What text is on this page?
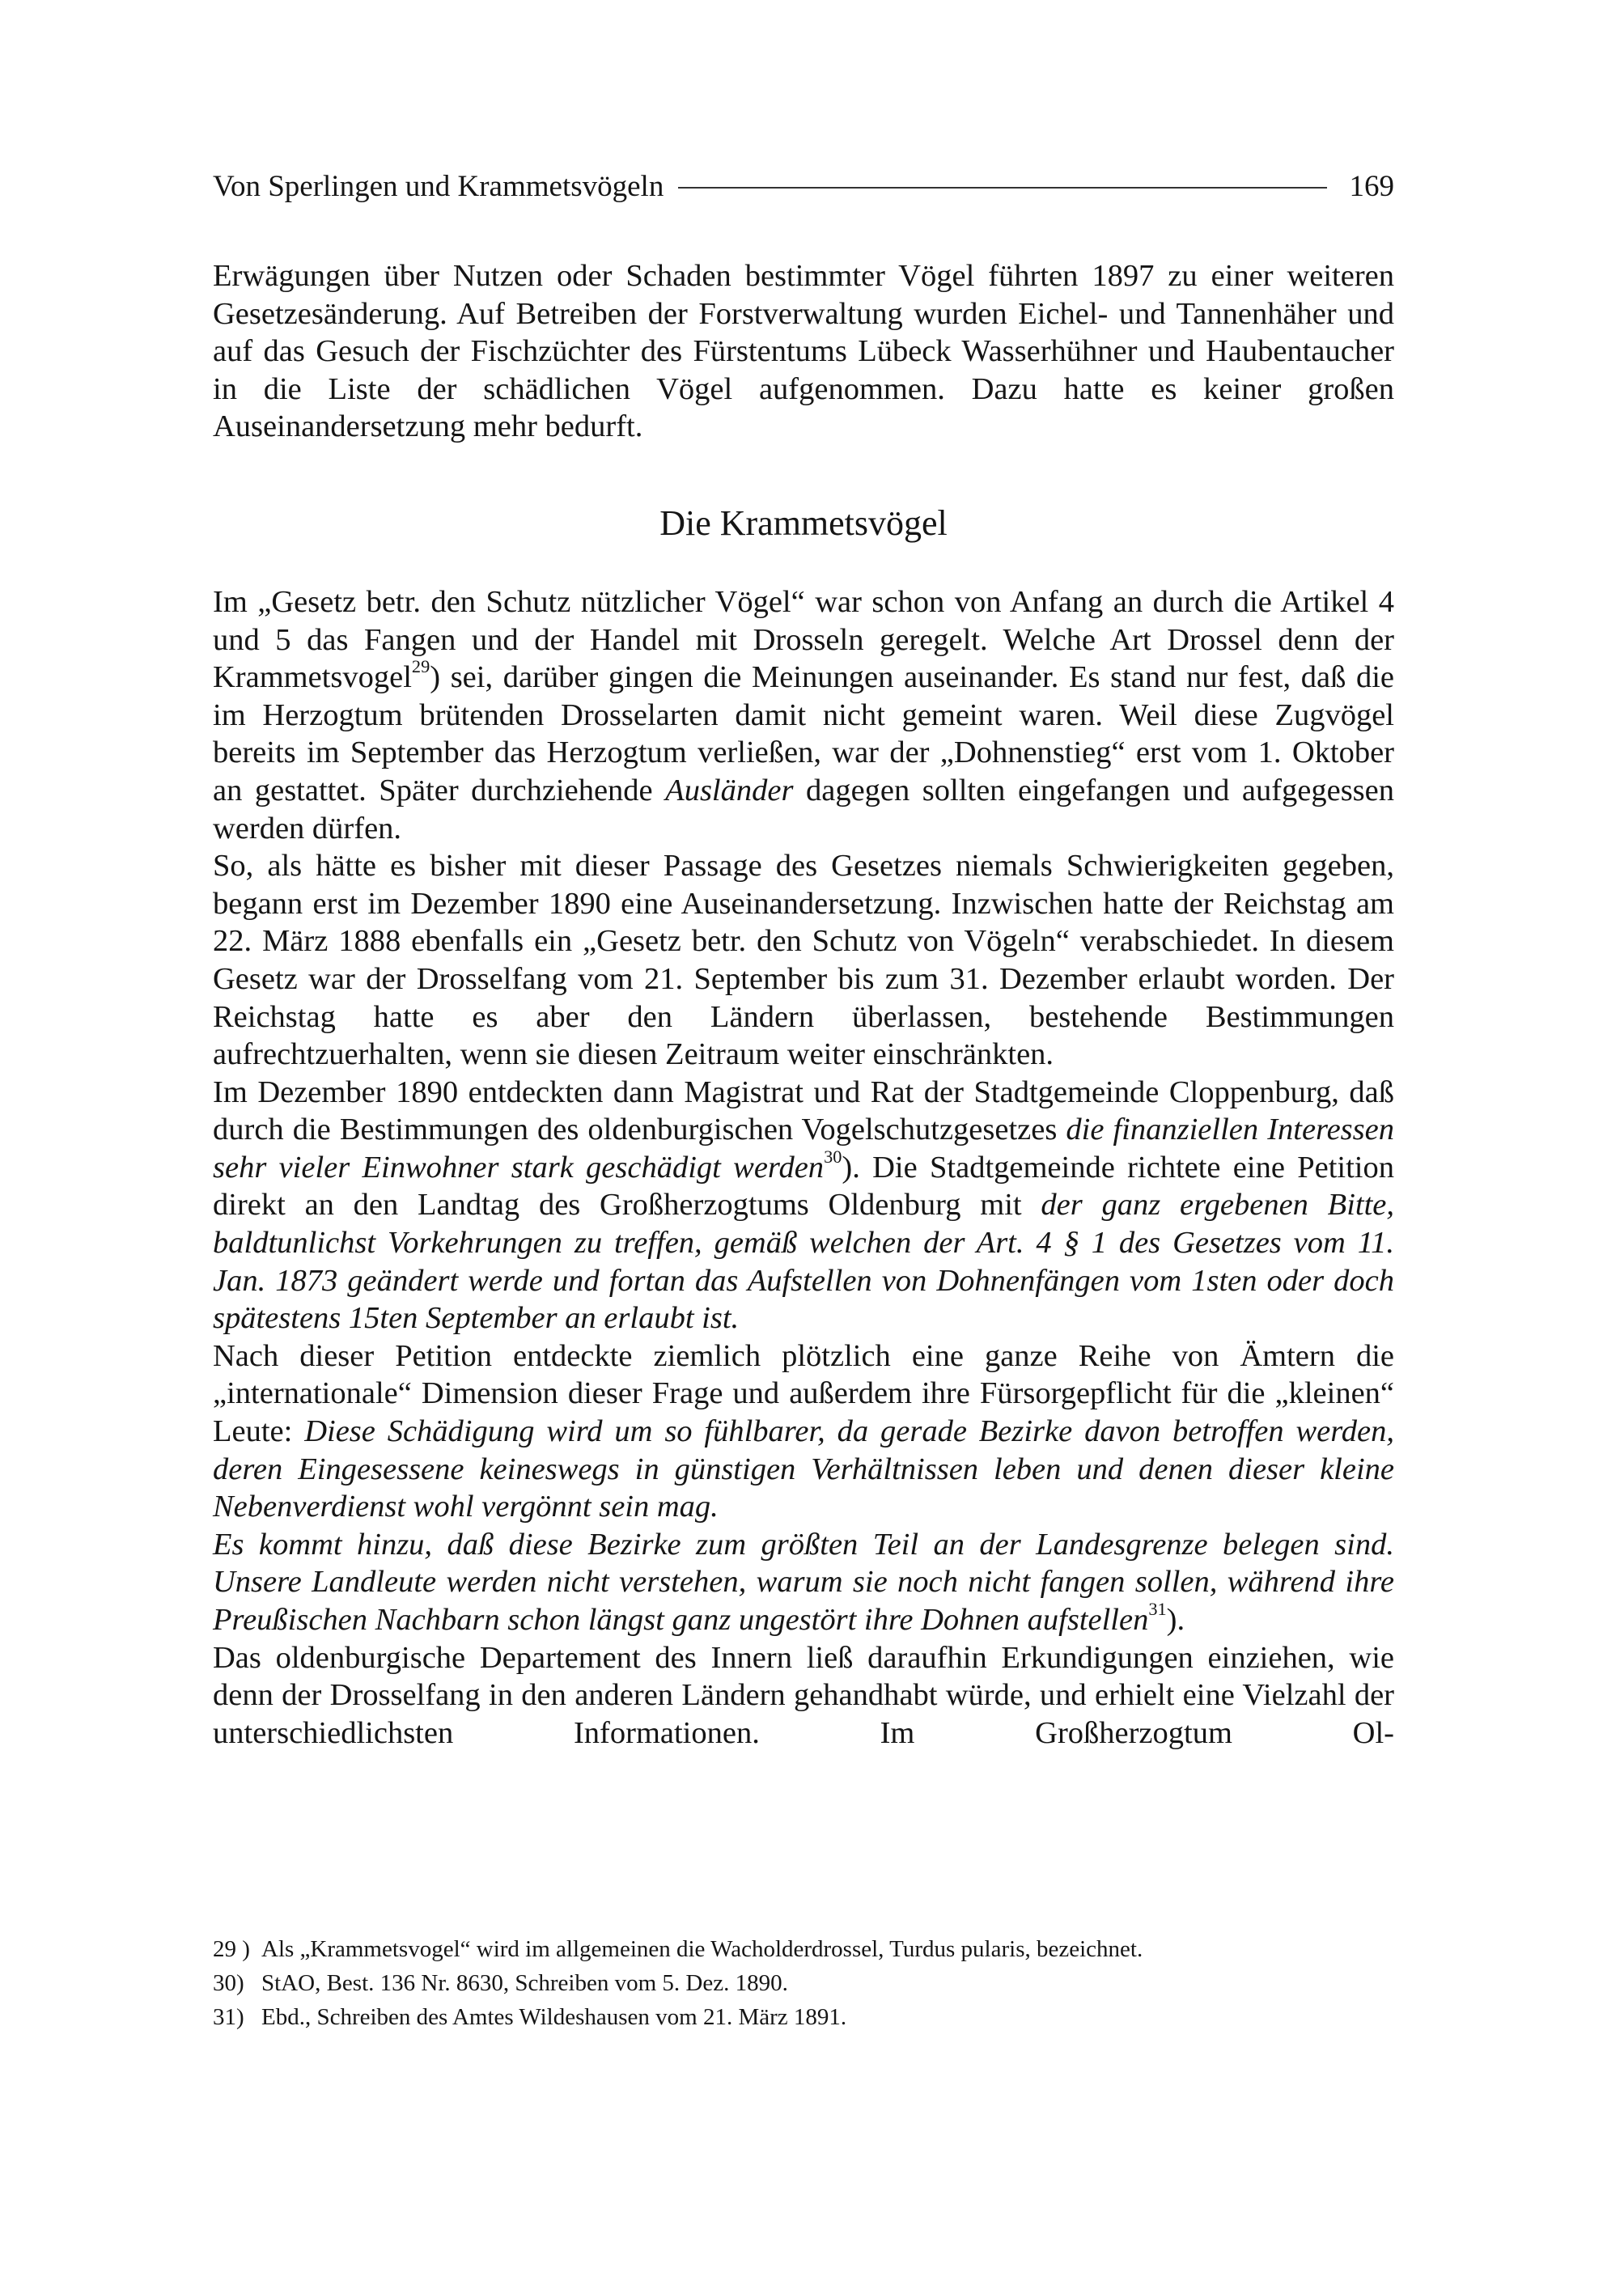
Von Sperlingen und Krammetsvögeln	169

Erwägungen über Nutzen oder Schaden bestimmter Vögel führten 1897 zu einer weiteren Gesetzesänderung. Auf Betreiben der Forstverwaltung wurden Eichel- und Tannenhäher und auf das Gesuch der Fischzüchter des Fürstentums Lübeck Wasserhühner und Haubentaucher in die Liste der schädlichen Vögel aufgenommen. Dazu hatte es keiner großen Auseinandersetzung mehr bedurft.

Die Krammetsvögel

Im „Gesetz betr. den Schutz nützlicher Vögel“ war schon von Anfang an durch die Artikel 4 und 5 das Fangen und der Handel mit Drosseln geregelt. Welche Art Drossel denn der Krammetsvogel$^{29}$) sei, darüber gingen die Meinungen auseinander. Es stand nur fest, daß die im Herzogtum brütenden Drosselarten damit nicht gemeint waren. Weil diese Zugvögel bereits im September das Herzogtum verließen, war der „Dohnenstieg“ erst vom 1. Oktober an gestattet. Später durchziehende Ausländer dagegen sollten eingefangen und aufgegessen werden dürfen.

So, als hätte es bisher mit dieser Passage des Gesetzes niemals Schwierigkeiten gegeben, begann erst im Dezember 1890 eine Auseinandersetzung. Inzwischen hatte der Reichstag am 22. März 1888 ebenfalls ein „Gesetz betr. den Schutz von Vögeln“ verabschiedet. In diesem Gesetz war der Drosselfang vom 21. September bis zum 31. Dezember erlaubt worden. Der Reichstag hatte es aber den Ländern überlassen, bestehende Bestimmungen aufrechtzuerhalten, wenn sie diesen Zeitraum weiter einschränkten.

Im Dezember 1890 entdeckten dann Magistrat und Rat der Stadtgemeinde Cloppenburg, daß durch die Bestimmungen des oldenburgischen Vogelschutzgesetzes die finanziellen Interessen sehr vieler Einwohner stark geschädigt werden$^{30}$). Die Stadtgemeinde richtete eine Petition direkt an den Landtag des Großherzogtums Oldenburg mit der ganz ergebenen Bitte, baldtunlichst Vorkehrungen zu treffen, gemäß welchen der Art. 4 § 1 des Gesetzes vom 11. Jan. 1873 geändert werde und fortan das Aufstellen von Dohnenfängen vom 1sten oder doch spätestens 15ten September an erlaubt ist.

Nach dieser Petition entdeckte ziemlich plötzlich eine ganze Reihe von Ämtern die „internationale“ Dimension dieser Frage und außerdem ihre Fürsorgepflicht für die „kleinen“ Leute: Diese Schädigung wird um so fühlbarer, da gerade Bezirke davon betroffen werden, deren Eingesessene keineswegs in günstigen Verhältnissen leben und denen dieser kleine Nebenverdienst wohl vergönnt sein mag.

Es kommt hinzu, daß diese Bezirke zum größten Teil an der Landesgrenze belegen sind. Unsere Landleute werden nicht verstehen, warum sie noch nicht fangen sollen, während ihre Preußischen Nachbarn schon längst ganz ungestört ihre Dohnen aufstellen$^{31}$).

Das oldenburgische Departement des Innern ließ daraufhin Erkundigungen einziehen, wie denn der Drosselfang in den anderen Ländern gehandhabt würde, und erhielt eine Vielzahl der unterschiedlichsten Informationen. Im Großherzogtum Ol-

29 ) Als „Krammetsvogel“ wird im allgemeinen die Wacholderdrossel, Turdus pularis, bezeichnet.
30) StAO, Best. 136 Nr. 8630, Schreiben vom 5. Dez. 1890.
31) Ebd., Schreiben des Amtes Wildeshausen vom 21. März 1891.
